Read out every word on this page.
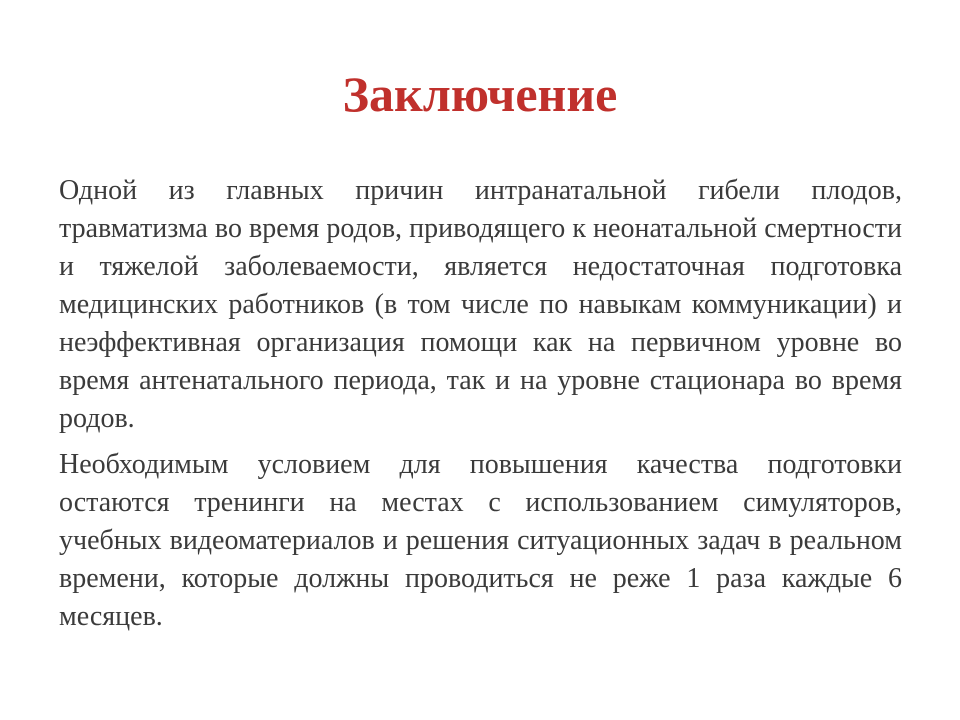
Заключение

Одной из главных причин интранатальной гибели плодов, травматизма во время родов, приводящего к неонатальной смертности и тяжелой заболеваемости, является недостаточная подготовка медицинских работников (в том числе по навыкам коммуникации) и неэффективная организация помощи как на первичном уровне во время антенатального периода, так и на уровне стационара во время родов.

Необходимым условием для повышения качества подготовки остаются тренинги на местах с использованием симуляторов, учебных видеоматериалов и решения ситуационных задач в реальном времени, которые должны проводиться не реже 1 раза каждые 6 месяцев.
